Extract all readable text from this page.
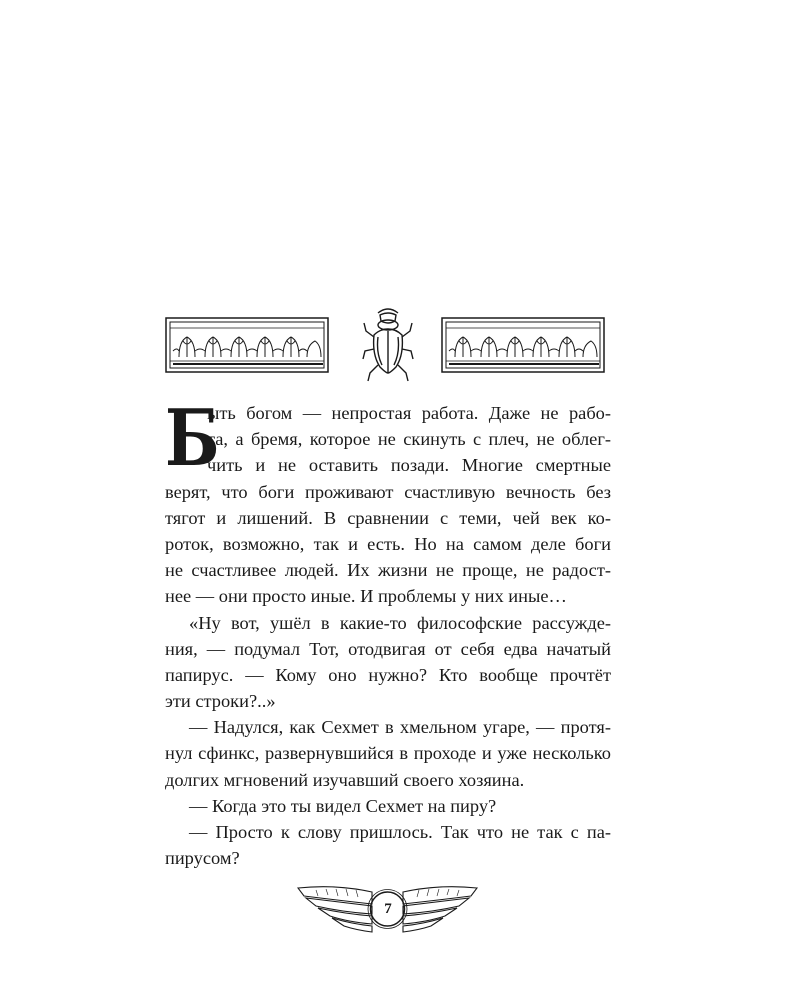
Б
ыть богом — непростая работа. Даже не рабо-
та, а бремя, которое не скинуть с плеч, не облег-
чить и не оставить позади. Многие смертные
верят, что боги проживают счастливую вечность без
тягот и лишений. В сравнении с теми, чей век ко-
роток, возможно, так и есть. Но на самом деле боги
не счастливее людей. Их жизни не проще, не радост-
нее — они просто иные. И проблемы у них иные…
«Ну вот, ушёл в какие-то философские рассужде-
ния, — подумал Тот, отодвигая от себя едва начатый
папирус. — Кому оно нужно? Кто вообще прочтёт
эти строки?..»
— Надулся, как Сехмет в хмельном угаре, — протя-
нул сфинкс, развернувшийся в проходе и уже несколько
долгих мгновений изучавший своего хозяина.
— Когда это ты видел Сехмет на пиру?
— Просто к слову пришлось. Так что не так с па-
пирусом?
7
